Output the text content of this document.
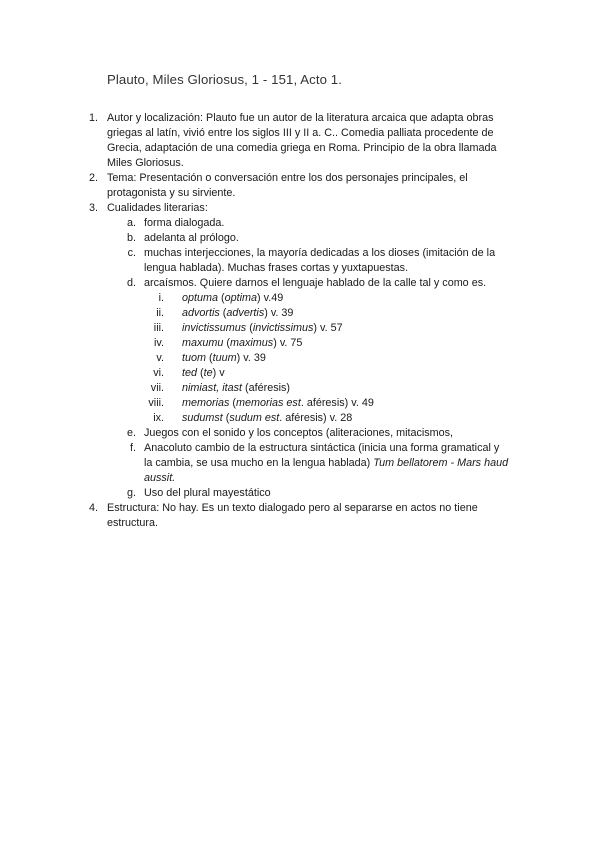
Plauto, Miles Gloriosus, 1 - 151, Acto 1.
1. Autor y localización: Plauto fue un autor de la literatura arcaica que adapta obras griegas al latín, vivió entre los siglos III y II a. C.. Comedia palliata procedente de Grecia, adaptación de una comedia griega en Roma. Principio de la obra llamada Miles Gloriosus.
2. Tema: Presentación o conversación entre los dos personajes principales, el protagonista y su sirviente.
3. Cualidades literarias:
a. forma dialogada.
b. adelanta al prólogo.
c. muchas interjecciones, la mayoría dedicadas a los dioses (imitación de la lengua hablada). Muchas frases cortas y yuxtapuestas.
d. arcaísmos. Quiere darnos el lenguaje hablado de la calle tal y como es.
i. optuma (optima) v.49
ii. advortis (advertis) v. 39
iii. invictissumus (invictissimus) v. 57
iv. maxumu (maximus) v. 75
v. tuom (tuum) v. 39
vi. ted (te) v
vii. nimiast, itast (aféresis)
viii. memorias (memorias est. aféresis) v. 49
ix. sudumst (sudum est. aféresis) v. 28
e. Juegos con el sonido y los conceptos (aliteraciones, mitacismos,
f. Anacoluto cambio de la estructura sintáctica (inicia una forma gramatical y la cambia, se usa mucho en la lengua hablada) Tum bellatorem - Mars haud aussit.
g. Uso del plural mayestático
4. Estructura: No hay. Es un texto dialogado pero al separarse en actos no tiene estructura.
